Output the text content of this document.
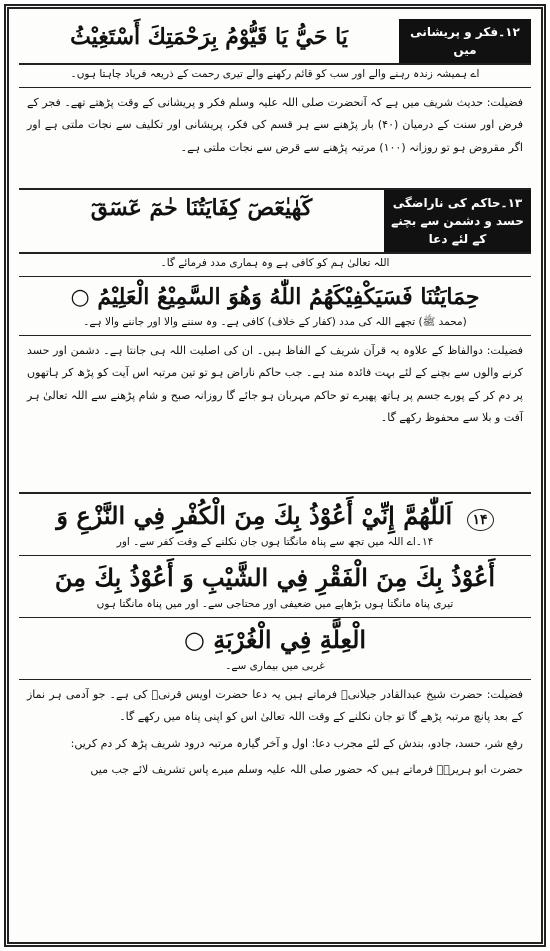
۱۲۔فکر و پریشانی میں
يَا حَيُّ يَا قَيُّوْمُ بِرَحْمَتِكَ أَسْتَغِيْثُ
اے ہمیشہ زندہ رہنے والے اور سب کو قائم رکھنے والے تیری رحمت کے ذریعہ فریاد چاہتا ہوں۔
فضیلت: حدیث شریف میں ہے کہ آنحضرت صلی اللہ علیہ وسلم فکر و پریشانی کے وقت پڑھتے تھے۔ فجر کے فرض اور سنت کے درمیان (۴۰) بار پڑھنے سے ہر قسم کی فکر، پریشانی اور تکلیف سے نجات ملتی ہے اور اگر مقروض ہو تو روزانہ (۱۰۰) مرتبہ پڑھنے سے قرض سے نجات ملتی ہے۔
۱۳۔حاکم کی ناراضگی حسد و دشمن سے بچنے کے لئے دعا
كٓهٰيٰعٓصٓ كِفَايَتُنَا حٰمٓ عٓسٓقٓ
اللہ تعالیٰ ہم کو کافی ہے وہ ہماری مدد فرمائے گا۔
حِمَايَتُنَا فَسَيَكْفِيْكَهُمُ اللّٰهُ وَهُوَ السَّمِيْعُ الْعَلِيْمُ ○
(محمد ﷺ) تجھے اللہ کی مدد (کفار کے خلاف) کافی ہے۔ وہ سننے والا اور جاننے والا ہے۔
فضیلت: دوالفاظ کے علاوہ یہ قرآن شریف کے الفاظ ہیں۔ ان کی اصلیت اللہ ہی جانتا ہے۔ دشمن اور حسد کرنے والوں سے بچنے کے لئے بہت فائدہ مند ہے۔ جب حاکم ناراض ہو تو تین مرتبہ اس آیت کو پڑھ کر ہاتھوں پر دم کر کے پورے جسم پر ہاتھ پھیرے تو حاکم مہربان ہو جائے گا روزانہ صبح و شام پڑھنے سے اللہ تعالیٰ ہر آفت و بلا سے محفوظ رکھے گا۔
۱۴ اَللّٰهُمَّ إِنِّيْ أَعُوْذُ بِكَ مِنَ الْكُفْرِ فِي النَّزْعِ وَ
۱۴۔اے اللہ میں تجھ سے پناہ مانگتا ہوں جان نکلنے کے وقت کفر سے۔ اور
أَعُوْذُ بِكَ مِنَ الْفَقْرِ فِي الشَّيْبِ وَ أَعُوْذُ بِكَ مِنَ
تیری پناہ مانگتا ہوں بڑھاپے میں ضعیفی اور محتاجی سے۔ اور میں پناہ مانگتا ہوں
الْعِلَّةِ فِي الْغُرْبَةِ ○
غربی میں بیماری سے۔
فضیلت: حضرت شیخ عبدالقادر جیلانیؒ فرماتے ہیں یہ دعا حضرت اویس قرنیؒ کی ہے۔ جو آدمی ہر نماز کے بعد پانچ مرتبہ پڑھے گا تو جان نکلنے کے وقت اللہ تعالیٰ اس کو اپنی پناہ میں رکھے گا۔
رفع شر، حسد، جادو، بندش کے لئے مجرب دعا: اول و آخر گیارہ مرتبہ درود شریف پڑھ کر دم کریں:
حضرت ابو ہریرہؓ فرماتے ہیں کہ حضور صلی اللہ علیہ وسلم میرے پاس تشریف لائے جب میں
